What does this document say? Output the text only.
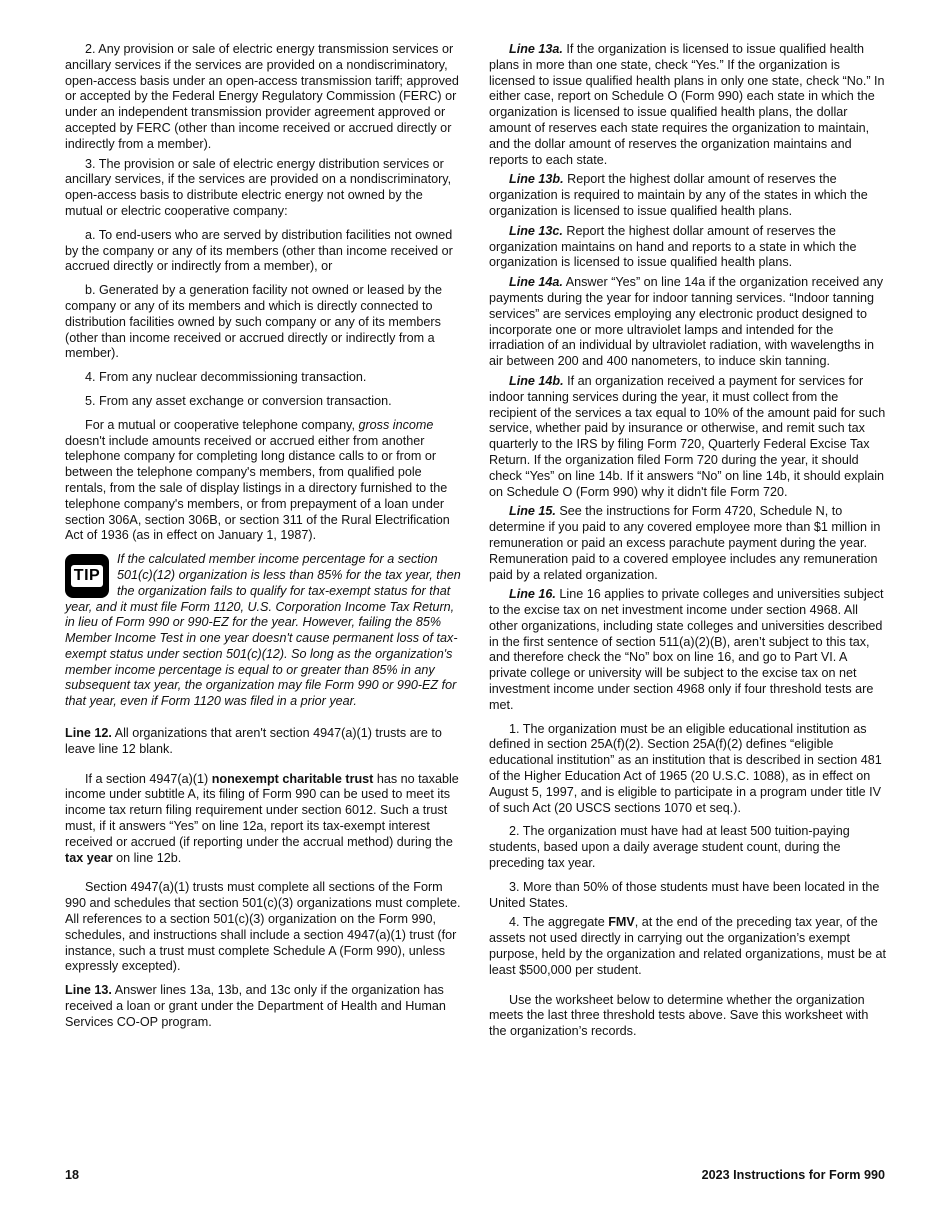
2. Any provision or sale of electric energy transmission services or ancillary services if the services are provided on a nondiscriminatory, open-access basis under an open-access transmission tariff; approved or accepted by the Federal Energy Regulatory Commission (FERC) or under an independent transmission provider agreement approved or accepted by FERC (other than income received or accrued directly or indirectly from a member).

3. The provision or sale of electric energy distribution services or ancillary services, if the services are provided on a nondiscriminatory, open-access basis to distribute electric energy not owned by the mutual or electric cooperative company:

a. To end-users who are served by distribution facilities not owned by the company or any of its members (other than income received or accrued directly or indirectly from a member), or

b. Generated by a generation facility not owned or leased by the company or any of its members and which is directly connected to distribution facilities owned by such company or any of its members (other than income received or accrued directly or indirectly from a member).

4. From any nuclear decommissioning transaction.

5. From any asset exchange or conversion transaction.

For a mutual or cooperative telephone company, gross income doesn't include amounts received or accrued either from another telephone company for completing long distance calls to or from or between the telephone company's members, from qualified pole rentals, from the sale of display listings in a directory furnished to the telephone company's members, or from prepayment of a loan under section 306A, section 306B, or section 311 of the Rural Electrification Act of 1936 (as in effect on January 1, 1987).

TIP
If the calculated member income percentage for a section 501(c)(12) organization is less than 85% for the tax year, then the organization fails to qualify for tax-exempt status for that year, and it must file Form 1120, U.S. Corporation Income Tax Return, in lieu of Form 990 or 990-EZ for the year. However, failing the 85% Member Income Test in one year doesn't cause permanent loss of tax-exempt status under section 501(c)(12). So long as the organization's member income percentage is equal to or greater than 85% in any subsequent tax year, the organization may file Form 990 or 990-EZ for that year, even if Form 1120 was filed in a prior year.

Line 12. All organizations that aren't section 4947(a)(1) trusts are to leave line 12 blank.

If a section 4947(a)(1) nonexempt charitable trust has no taxable income under subtitle A, its filing of Form 990 can be used to meet its income tax return filing requirement under section 6012. Such a trust must, if it answers “Yes” on line 12a, report its tax-exempt interest received or accrued (if reporting under the accrual method) during the tax year on line 12b.

Section 4947(a)(1) trusts must complete all sections of the Form 990 and schedules that section 501(c)(3) organizations must complete. All references to a section 501(c)(3) organization on the Form 990, schedules, and instructions shall include a section 4947(a)(1) trust (for instance, such a trust must complete Schedule A (Form 990), unless expressly excepted).

Line 13. Answer lines 13a, 13b, and 13c only if the organization has received a loan or grant under the Department of Health and Human Services CO-OP program.

Line 13a. If the organization is licensed to issue qualified health plans in more than one state, check “Yes.” If the organization is licensed to issue qualified health plans in only one state, check “No.” In either case, report on Schedule O (Form 990) each state in which the organization is licensed to issue qualified health plans, the dollar amount of reserves each state requires the organization to maintain, and the dollar amount of reserves the organization maintains and reports to each state.

Line 13b. Report the highest dollar amount of reserves the organization is required to maintain by any of the states in which the organization is licensed to issue qualified health plans.

Line 13c. Report the highest dollar amount of reserves the organization maintains on hand and reports to a state in which the organization is licensed to issue qualified health plans.

Line 14a. Answer “Yes” on line 14a if the organization received any payments during the year for indoor tanning services. “Indoor tanning services” are services employing any electronic product designed to incorporate one or more ultraviolet lamps and intended for the irradiation of an individual by ultraviolet radiation, with wavelengths in air between 200 and 400 nanometers, to induce skin tanning.

Line 14b. If an organization received a payment for services for indoor tanning services during the year, it must collect from the recipient of the services a tax equal to 10% of the amount paid for such service, whether paid by insurance or otherwise, and remit such tax quarterly to the IRS by filing Form 720, Quarterly Federal Excise Tax Return. If the organization filed Form 720 during the year, it should check “Yes” on line 14b. If it answers “No” on line 14b, it should explain on Schedule O (Form 990) why it didn't file Form 720.

Line 15. See the instructions for Form 4720, Schedule N, to determine if you paid to any covered employee more than $1 million in remuneration or paid an excess parachute payment during the year. Remuneration paid to a covered employee includes any remuneration paid by a related organization.

Line 16. Line 16 applies to private colleges and universities subject to the excise tax on net investment income under section 4968. All other organizations, including state colleges and universities described in the first sentence of section 511(a)(2)(B), aren’t subject to this tax, and therefore check the “No” box on line 16, and go to Part VI. A private college or university will be subject to the excise tax on net investment income under section 4968 only if four threshold tests are met.

1. The organization must be an eligible educational institution as defined in section 25A(f)(2). Section 25A(f)(2) defines “eligible educational institution” as an institution that is described in section 481 of the Higher Education Act of 1965 (20 U.S.C. 1088), as in effect on August 5, 1997, and is eligible to participate in a program under title IV of such Act (20 USCS sections 1070 et seq.).

2. The organization must have had at least 500 tuition-paying students, based upon a daily average student count, during the preceding tax year.

3. More than 50% of those students must have been located in the United States.

4. The aggregate FMV, at the end of the preceding tax year, of the assets not used directly in carrying out the organization’s exempt purpose, held by the organization and related organizations, must be at least $500,000 per student.

Use the worksheet below to determine whether the organization meets the last three threshold tests above. Save this worksheet with the organization’s records.

18	2023 Instructions for Form 990
